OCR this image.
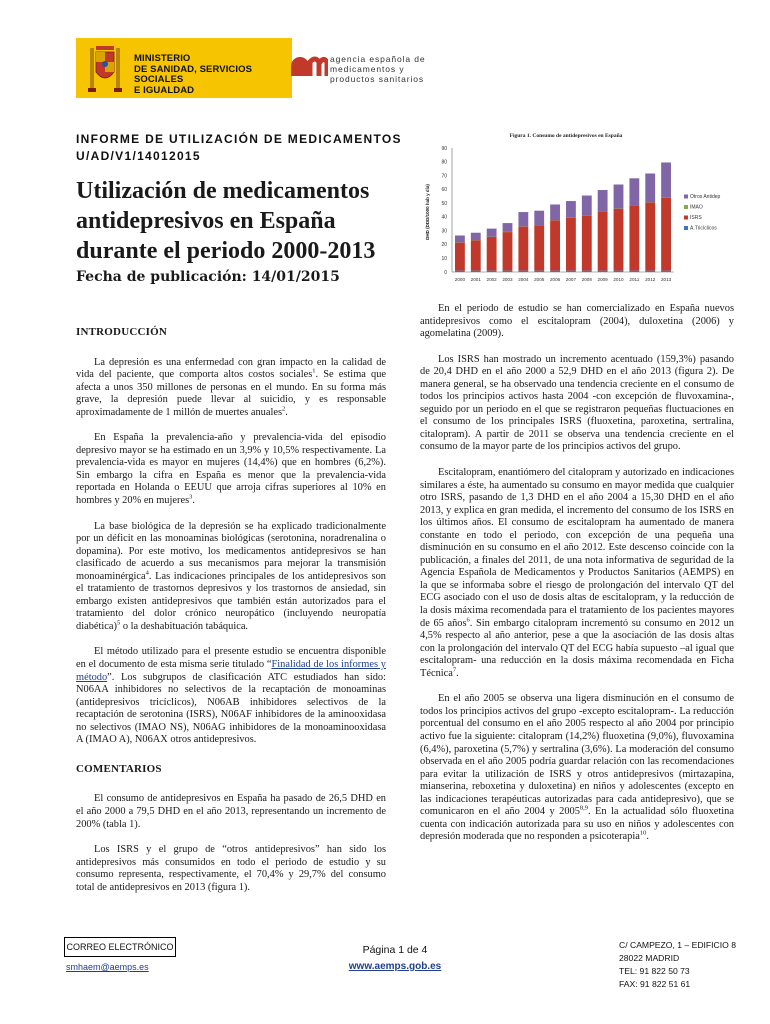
MINISTERIO
DE SANIDAD, SERVICIOS SOCIALES
E IGUALDAD
agencia española de
medicamentos y
productos sanitarios
INFORME DE UTILIZACIÓN DE MEDICAMENTOS
U/AD/V1/14012015
Utilización de medicamentos antidepresivos en España durante el periodo 2000-2013
Fecha de publicación: 14/01/2015
Figura 1. Consumo de antidepresivos en España
DHD (DDD/1000 hab y día)
0
10
20
30
40
50
60
70
80
90
2000 2001 2002 2003 2004 2005 2006 2007 2008 2009 2010 2011 2012 2013
Otros Antidep
IMAO
ISRS
A.Tricíclicos
INTRODUCCIÓN

La depresión es una enfermedad con gran impacto en la calidad de vida del paciente, que comporta altos costos sociales$^1$. Se estima que afecta a unos 350 millones de personas en el mundo. En su forma más grave, la depresión puede llevar al suicidio, y es responsable aproximadamente de 1 millón de muertes anuales$^2$.

En España la prevalencia-año y prevalencia-vida del episodio depresivo mayor se ha estimado en un 3,9% y 10,5% respectivamente. La prevalencia-vida es mayor en mujeres (14,4%) que en hombres (6,2%). Sin embargo la cifra en España es menor que la prevalencia-vida reportada en Holanda o EEUU que arroja cifras superiores al 10% en hombres y 20% en mujeres$^3$.

La base biológica de la depresión se ha explicado tradicionalmente por un déficit en las monoaminas biológicas (serotonina, noradrenalina o dopamina). Por este motivo, los medicamentos antidepresivos se han clasificado de acuerdo a sus mecanismos para mejorar la transmisión monoaminérgica$^4$. Las indicaciones principales de los antidepresivos son el tratamiento de trastornos depresivos y los trastornos de ansiedad, sin embargo existen antidepresivos que también están autorizados para el tratamiento del dolor crónico neuropático (incluyendo neuropatía diabética)$^5$ o la deshabituación tabáquica.

El método utilizado para el presente estudio se encuentra disponible en el documento de esta misma serie titulado “Finalidad de los informes y método”. Los subgrupos de clasificación ATC estudiados han sido: N06AA inhibidores no selectivos de la recaptación de monoaminas (antidepresivos tricíclicos), N06AB inhibidores selectivos de la recaptación de serotonina (ISRS), N06AF inhibidores de la aminooxidasa no selectivos (IMAO NS), N06AG inhibidores de la monoaminooxidasa A (IMAO A), N06AX otros antidepresivos.

COMENTARIOS

El consumo de antidepresivos en España ha pasado de 26,5 DHD en el año 2000 a 79,5 DHD en el año 2013, representando un incremento de 200% (tabla 1).

Los ISRS y el grupo de “otros antidepresivos” han sido los antidepresivos más consumidos en todo el periodo de estudio y su consumo representa, respectivamente, el 70,4% y 29,7% del consumo total de antidepresivos en 2013 (figura 1).

En el periodo de estudio se han comercializado en España nuevos antidepresivos como el escitalopram (2004), duloxetina (2006) y agomelatina (2009).

Los ISRS han mostrado un incremento acentuado (159,3%) pasando de 20,4 DHD en el año 2000 a 52,9 DHD en el año 2013 (figura 2). De manera general, se ha observado una tendencia creciente en el consumo de todos los principios activos hasta 2004 -con excepción de fluvoxamina-, seguido por un periodo en el que se registraron pequeñas fluctuaciones en el consumo de los principales ISRS (fluoxetina, paroxetina, sertralina, citalopram). A partir de 2011 se observa una tendencia creciente en el consumo de la mayor parte de los principios activos del grupo.

Escitalopram, enantiómero del citalopram y autorizado en indicaciones similares a éste, ha aumentado su consumo en mayor medida que cualquier otro ISRS, pasando de 1,3 DHD en el año 2004 a 15,30 DHD en el año 2013, y explica en gran medida, el incremento del consumo de los ISRS en los últimos años. El consumo de escitalopram ha aumentado de manera constante en todo el periodo, con excepción de una pequeña una disminución en su consumo en el año 2012. Este descenso coincide con la publicación, a finales del 2011, de una nota informativa de seguridad de la Agencia Española de Medicamentos y Productos Sanitarios (AEMPS) en la que se informaba sobre el riesgo de prolongación del intervalo QT del ECG asociado con el uso de dosis altas de escitalopram, y la reducción de la dosis máxima recomendada para el tratamiento de los pacientes mayores de 65 años$^6$. Sin embargo citalopram incrementó su consumo en 2012 un 4,5% respecto al año anterior, pese a que la asociación de las dosis altas con la prolongación del intervalo QT del ECG había supuesto –al igual que escitalopram- una reducción en la dosis máxima recomendada en Ficha Técnica$^7$.

En el año 2005 se observa una ligera disminución en el consumo de todos los principios activos del grupo -excepto escitalopram-. La reducción porcentual del consumo en el año 2005 respecto al año 2004 por principio activo fue la siguiente: citalopram (14,2%) fluoxetina (9,0%), fluvoxamina (6,4%), paroxetina (5,7%) y sertralina (3,6%). La moderación del consumo observada en el año 2005 podría guardar relación con las recomendaciones para evitar la utilización de ISRS y otros antidepresivos (mirtazapina, mianserina, reboxetina y duloxetina) en niños y adolescentes (excepto en las indicaciones terapéuticas autorizadas para cada antidepresivo), que se comunicaron en el año 2004 y 2005$^{8,9}$. En la actualidad sólo fluoxetina cuenta con indicación autorizada para su uso en niños y adolescentes con depresión moderada que no responden a psicoterapia$^{10}$.

CORREO ELECTRÓNICO
smhaem@aemps.es
Página 1 de 4
www.aemps.gob.es
C/ CAMPEZO, 1 – EDIFICIO 8
28022 MADRID
TEL: 91 822 50 73
FAX: 91 822 51 61
